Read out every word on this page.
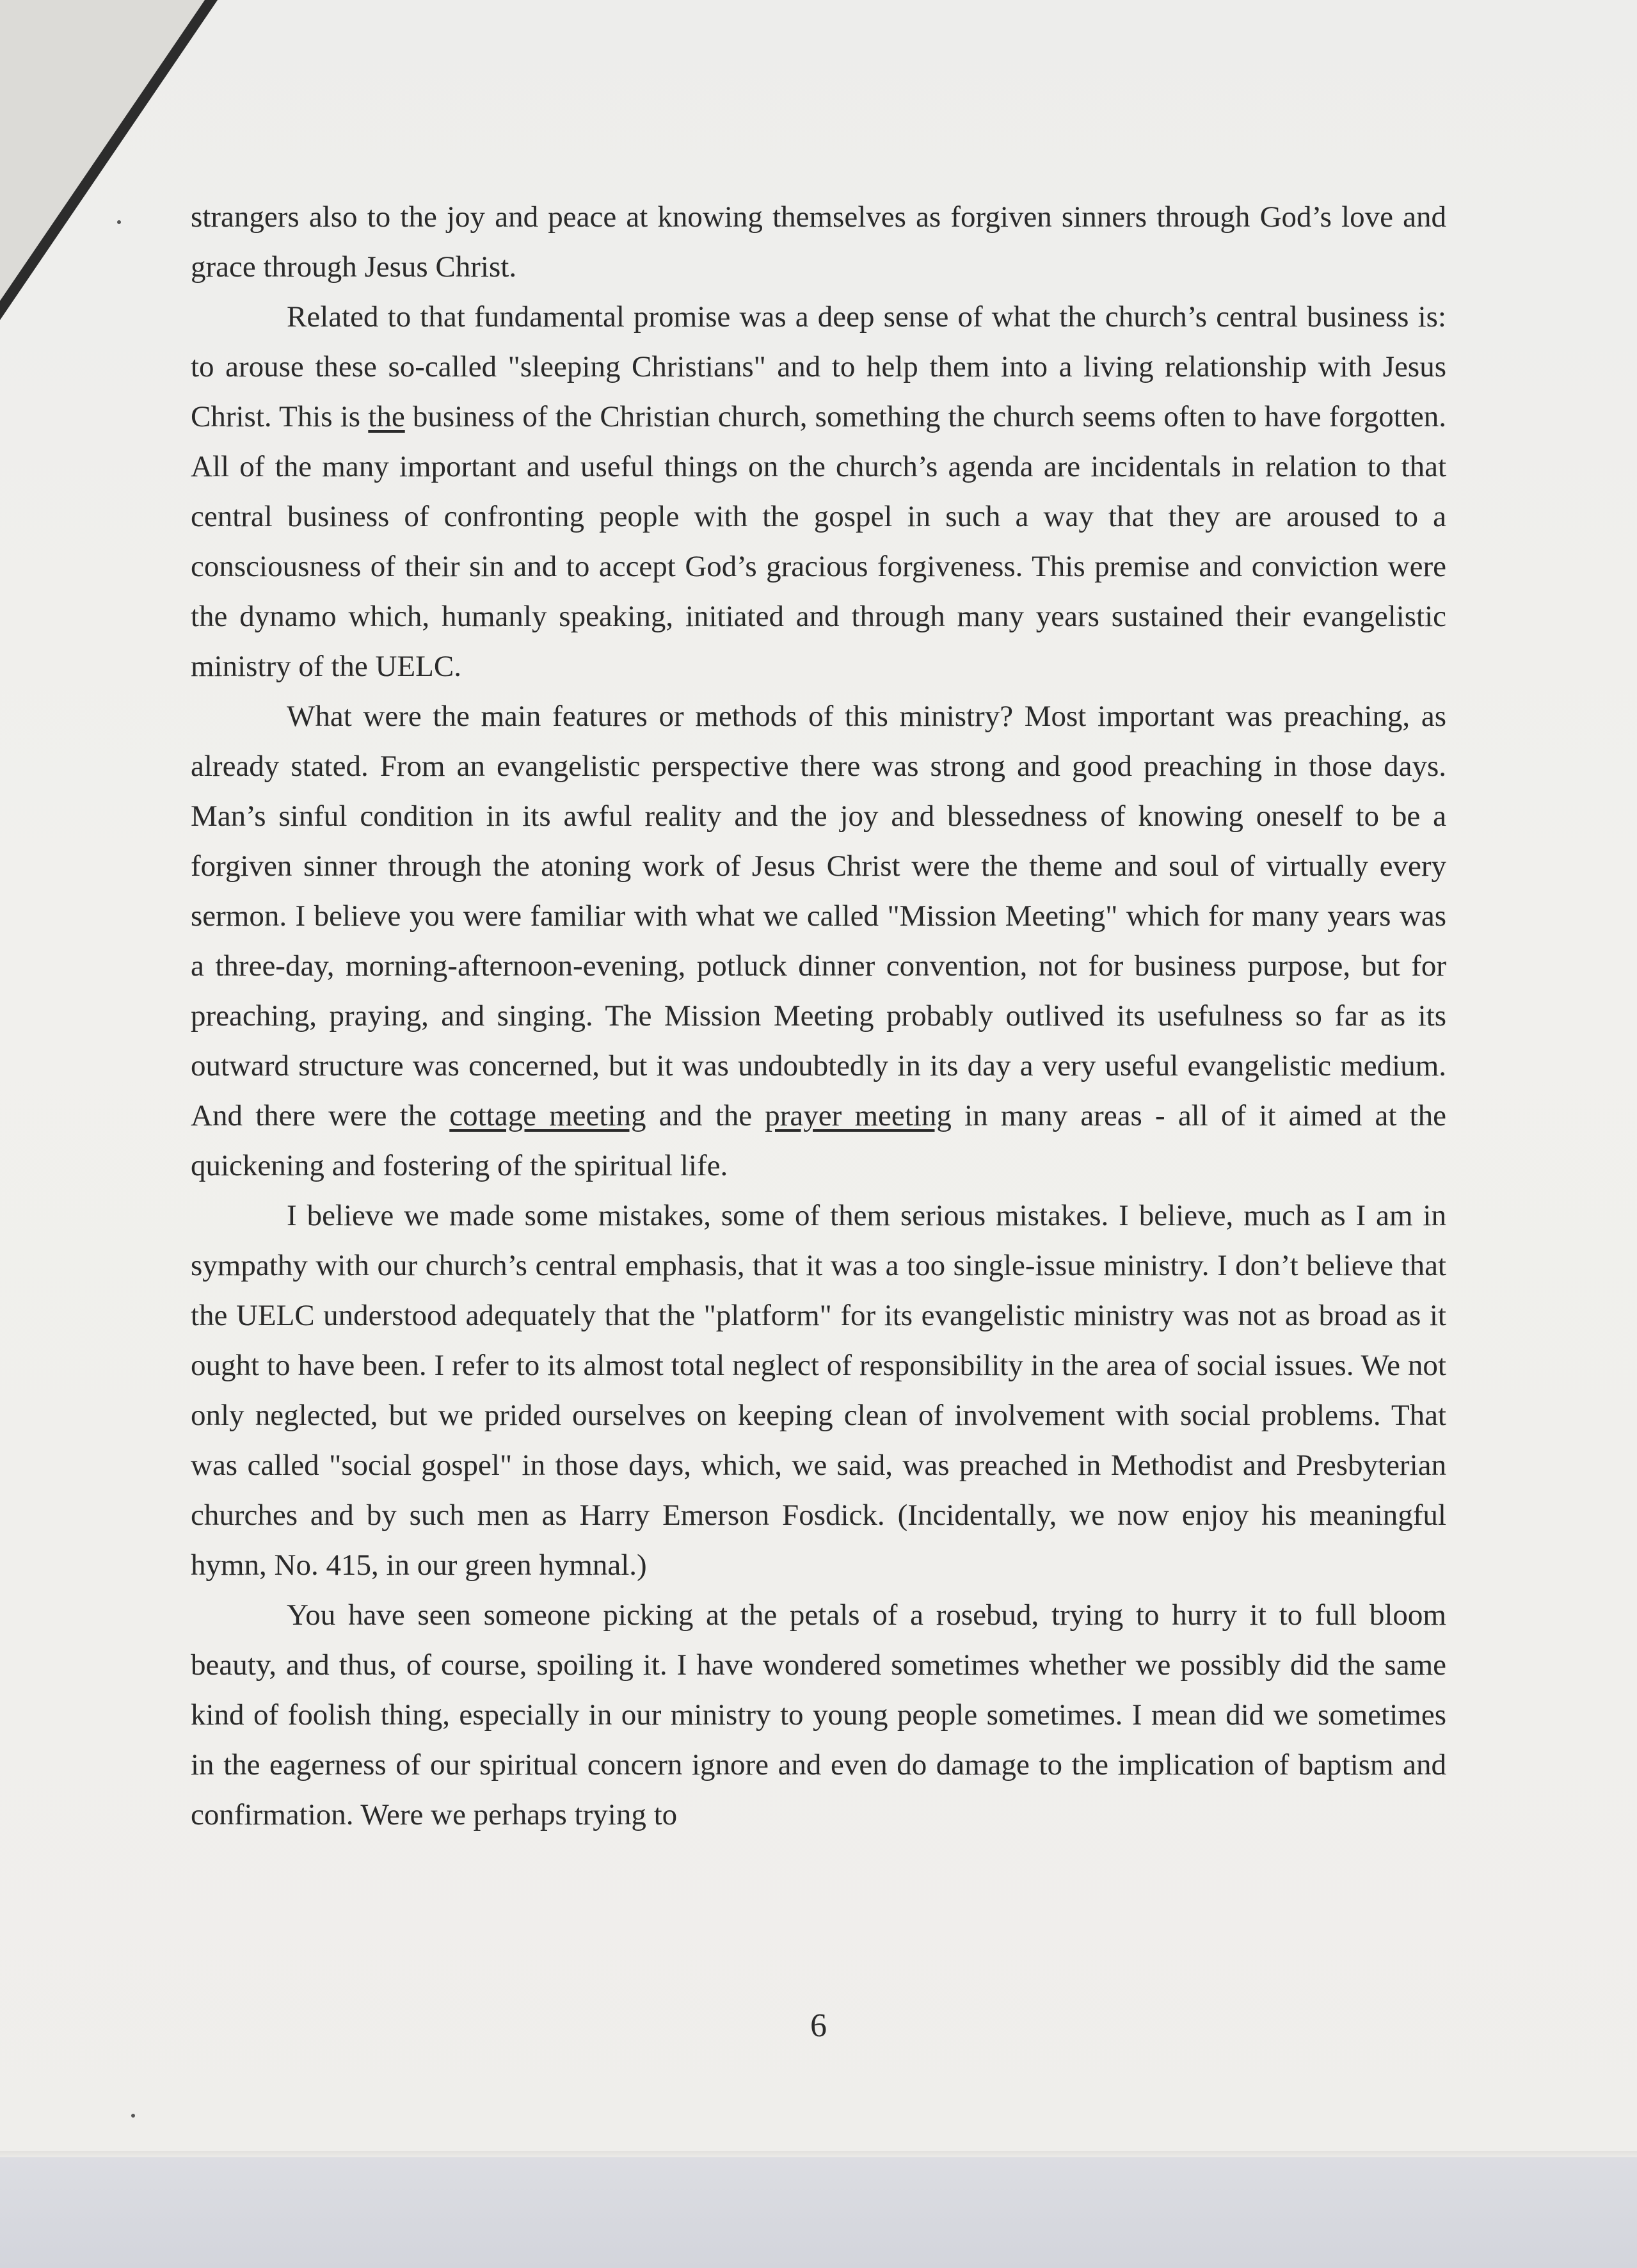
strangers also to the joy and peace at knowing themselves as forgiven sinners through God’s love and grace through Jesus Christ.

Related to that fundamental promise was a deep sense of what the church’s central business is: to arouse these so-called "sleeping Christians" and to help them into a living relationship with Jesus Christ. This is the business of the Christian church, something the church seems often to have forgotten. All of the many important and useful things on the church’s agenda are incidentals in relation to that central business of confronting people with the gospel in such a way that they are aroused to a consciousness of their sin and to accept God’s gracious forgiveness. This premise and conviction were the dynamo which, humanly speaking, initiated and through many years sustained their evangelistic ministry of the UELC.

What were the main features or methods of this ministry? Most important was preaching, as already stated. From an evangelistic perspective there was strong and good preaching in those days. Man’s sinful condition in its awful reality and the joy and blessedness of knowing oneself to be a forgiven sinner through the atoning work of Jesus Christ were the theme and soul of virtually every sermon. I believe you were familiar with what we called "Mission Meeting" which for many years was a three-day, morning-afternoon-evening, potluck dinner convention, not for business purpose, but for preaching, praying, and singing. The Mission Meeting probably outlived its usefulness so far as its outward structure was concerned, but it was undoubtedly in its day a very useful evangelistic medium. And there were the cottage meeting and the prayer meeting in many areas - all of it aimed at the quickening and fostering of the spiritual life.

I believe we made some mistakes, some of them serious mistakes. I believe, much as I am in sympathy with our church’s central emphasis, that it was a too single-issue ministry. I don’t believe that the UELC understood adequately that the "platform" for its evangelistic ministry was not as broad as it ought to have been. I refer to its almost total neglect of responsibility in the area of social issues. We not only neglected, but we prided ourselves on keeping clean of involvement with social problems. That was called "social gospel" in those days, which, we said, was preached in Methodist and Presbyterian churches and by such men as Harry Emerson Fosdick. (Incidentally, we now enjoy his meaningful hymn, No. 415, in our green hymnal.)

You have seen someone picking at the petals of a rosebud, trying to hurry it to full bloom beauty, and thus, of course, spoiling it. I have wondered sometimes whether we possibly did the same kind of foolish thing, especially in our ministry to young people sometimes. I mean did we sometimes in the eagerness of our spiritual concern ignore and even do damage to the implication of baptism and confirmation. Were we perhaps trying to

6
